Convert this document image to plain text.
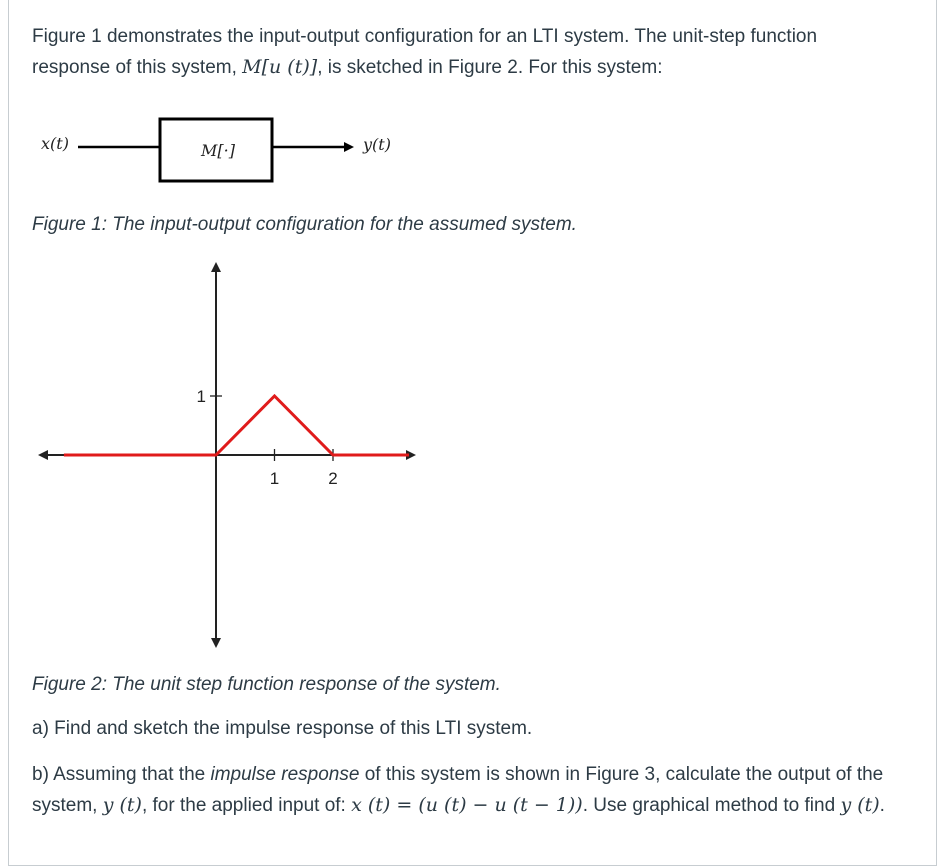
Figure 1 demonstrates the input-output configuration for an LTI system. The unit-step function response of this system, M[u (t)], is sketched in Figure 2. For this system:

x(t)	M[·]	y(t)

Figure 1: The input-output configuration for the assumed system.

1	2
1

Figure 2: The unit step function response of the system.

a) Find and sketch the impulse response of this LTI system.

b) Assuming that the impulse response of this system is shown in Figure 3, calculate the output of the system, y (t), for the applied input of: x (t) = (u (t) − u (t − 1)). Use graphical method to find y (t).
